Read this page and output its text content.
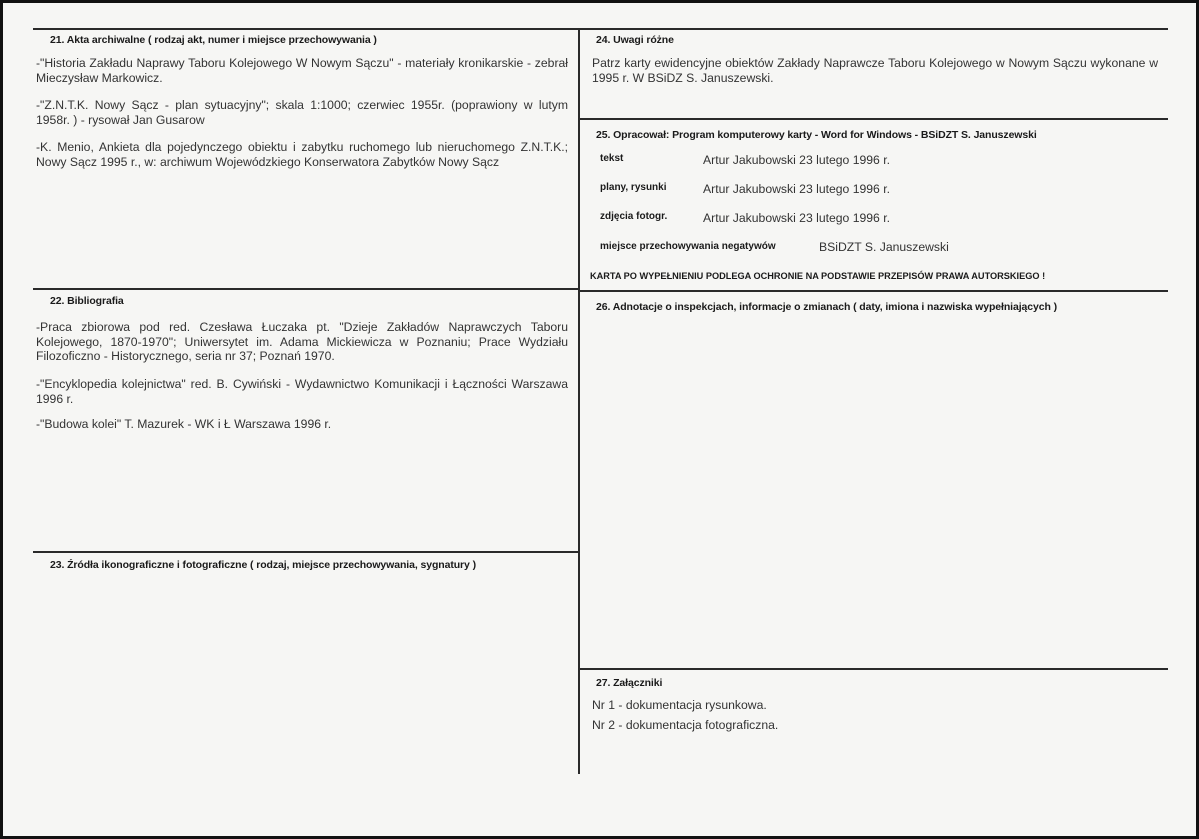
21. Akta archiwalne ( rodzaj akt, numer i miejsce przechowywania )
-"Historia Zakładu Naprawy Taboru Kolejowego W Nowym Sączu" - materiały kronikarskie - zebrał Mieczysław Markowicz.
-"Z.N.T.K. Nowy Sącz - plan sytuacyjny"; skala 1:1000; czerwiec 1955r. (poprawiony w lutym 1958r. ) - rysował Jan Gusarow
-K. Menio, Ankieta dla pojedynczego obiektu i zabytku ruchomego lub nieruchomego Z.N.T.K.; Nowy Sącz 1995 r., w: archiwum Wojewódzkiego Konserwatora Zabytków Nowy Sącz
22. Bibliografia
-Praca zbiorowa pod red. Czesława Łuczaka pt. "Dzieje Zakładów Naprawczych Taboru Kolejowego, 1870-1970"; Uniwersytet im. Adama Mickiewicza w Poznaniu; Prace Wydziału Filozoficzno - Historycznego, seria nr 37; Poznań 1970.
-"Encyklopedia kolejnictwa" red. B. Cywiński - Wydawnictwo Komunikacji i Łączności Warszawa 1996 r.
-"Budowa kolei" T. Mazurek - WK i Ł Warszawa 1996 r.
23. Źródła ikonograficzne i fotograficzne ( rodzaj, miejsce przechowywania, sygnatury )
24. Uwagi różne
Patrz karty ewidencyjne obiektów Zakłady Naprawcze Taboru Kolejowego w Nowym Sączu wykonane w 1995 r. W BSiDZ S. Januszewski.
25. Opracował: Program komputerowy karty - Word for Windows - BSiDZT S. Januszewski
tekst	Artur Jakubowski 23 lutego 1996 r.
plany, rysunki	Artur Jakubowski 23 lutego 1996 r.
zdjęcia fotogr.	Artur Jakubowski 23 lutego 1996 r.
miejsce przechowywania negatywów	BSiDZT S. Januszewski
KARTA PO WYPEŁNIENIU PODLEGA OCHRONIE NA PODSTAWIE PRZEPISÓW PRAWA AUTORSKIEGO !
26. Adnotacje o inspekcjach, informacje o zmianach ( daty, imiona i nazwiska wypełniających )
27. Załączniki
Nr 1 - dokumentacja rysunkowa.
Nr 2 - dokumentacja fotograficzna.
